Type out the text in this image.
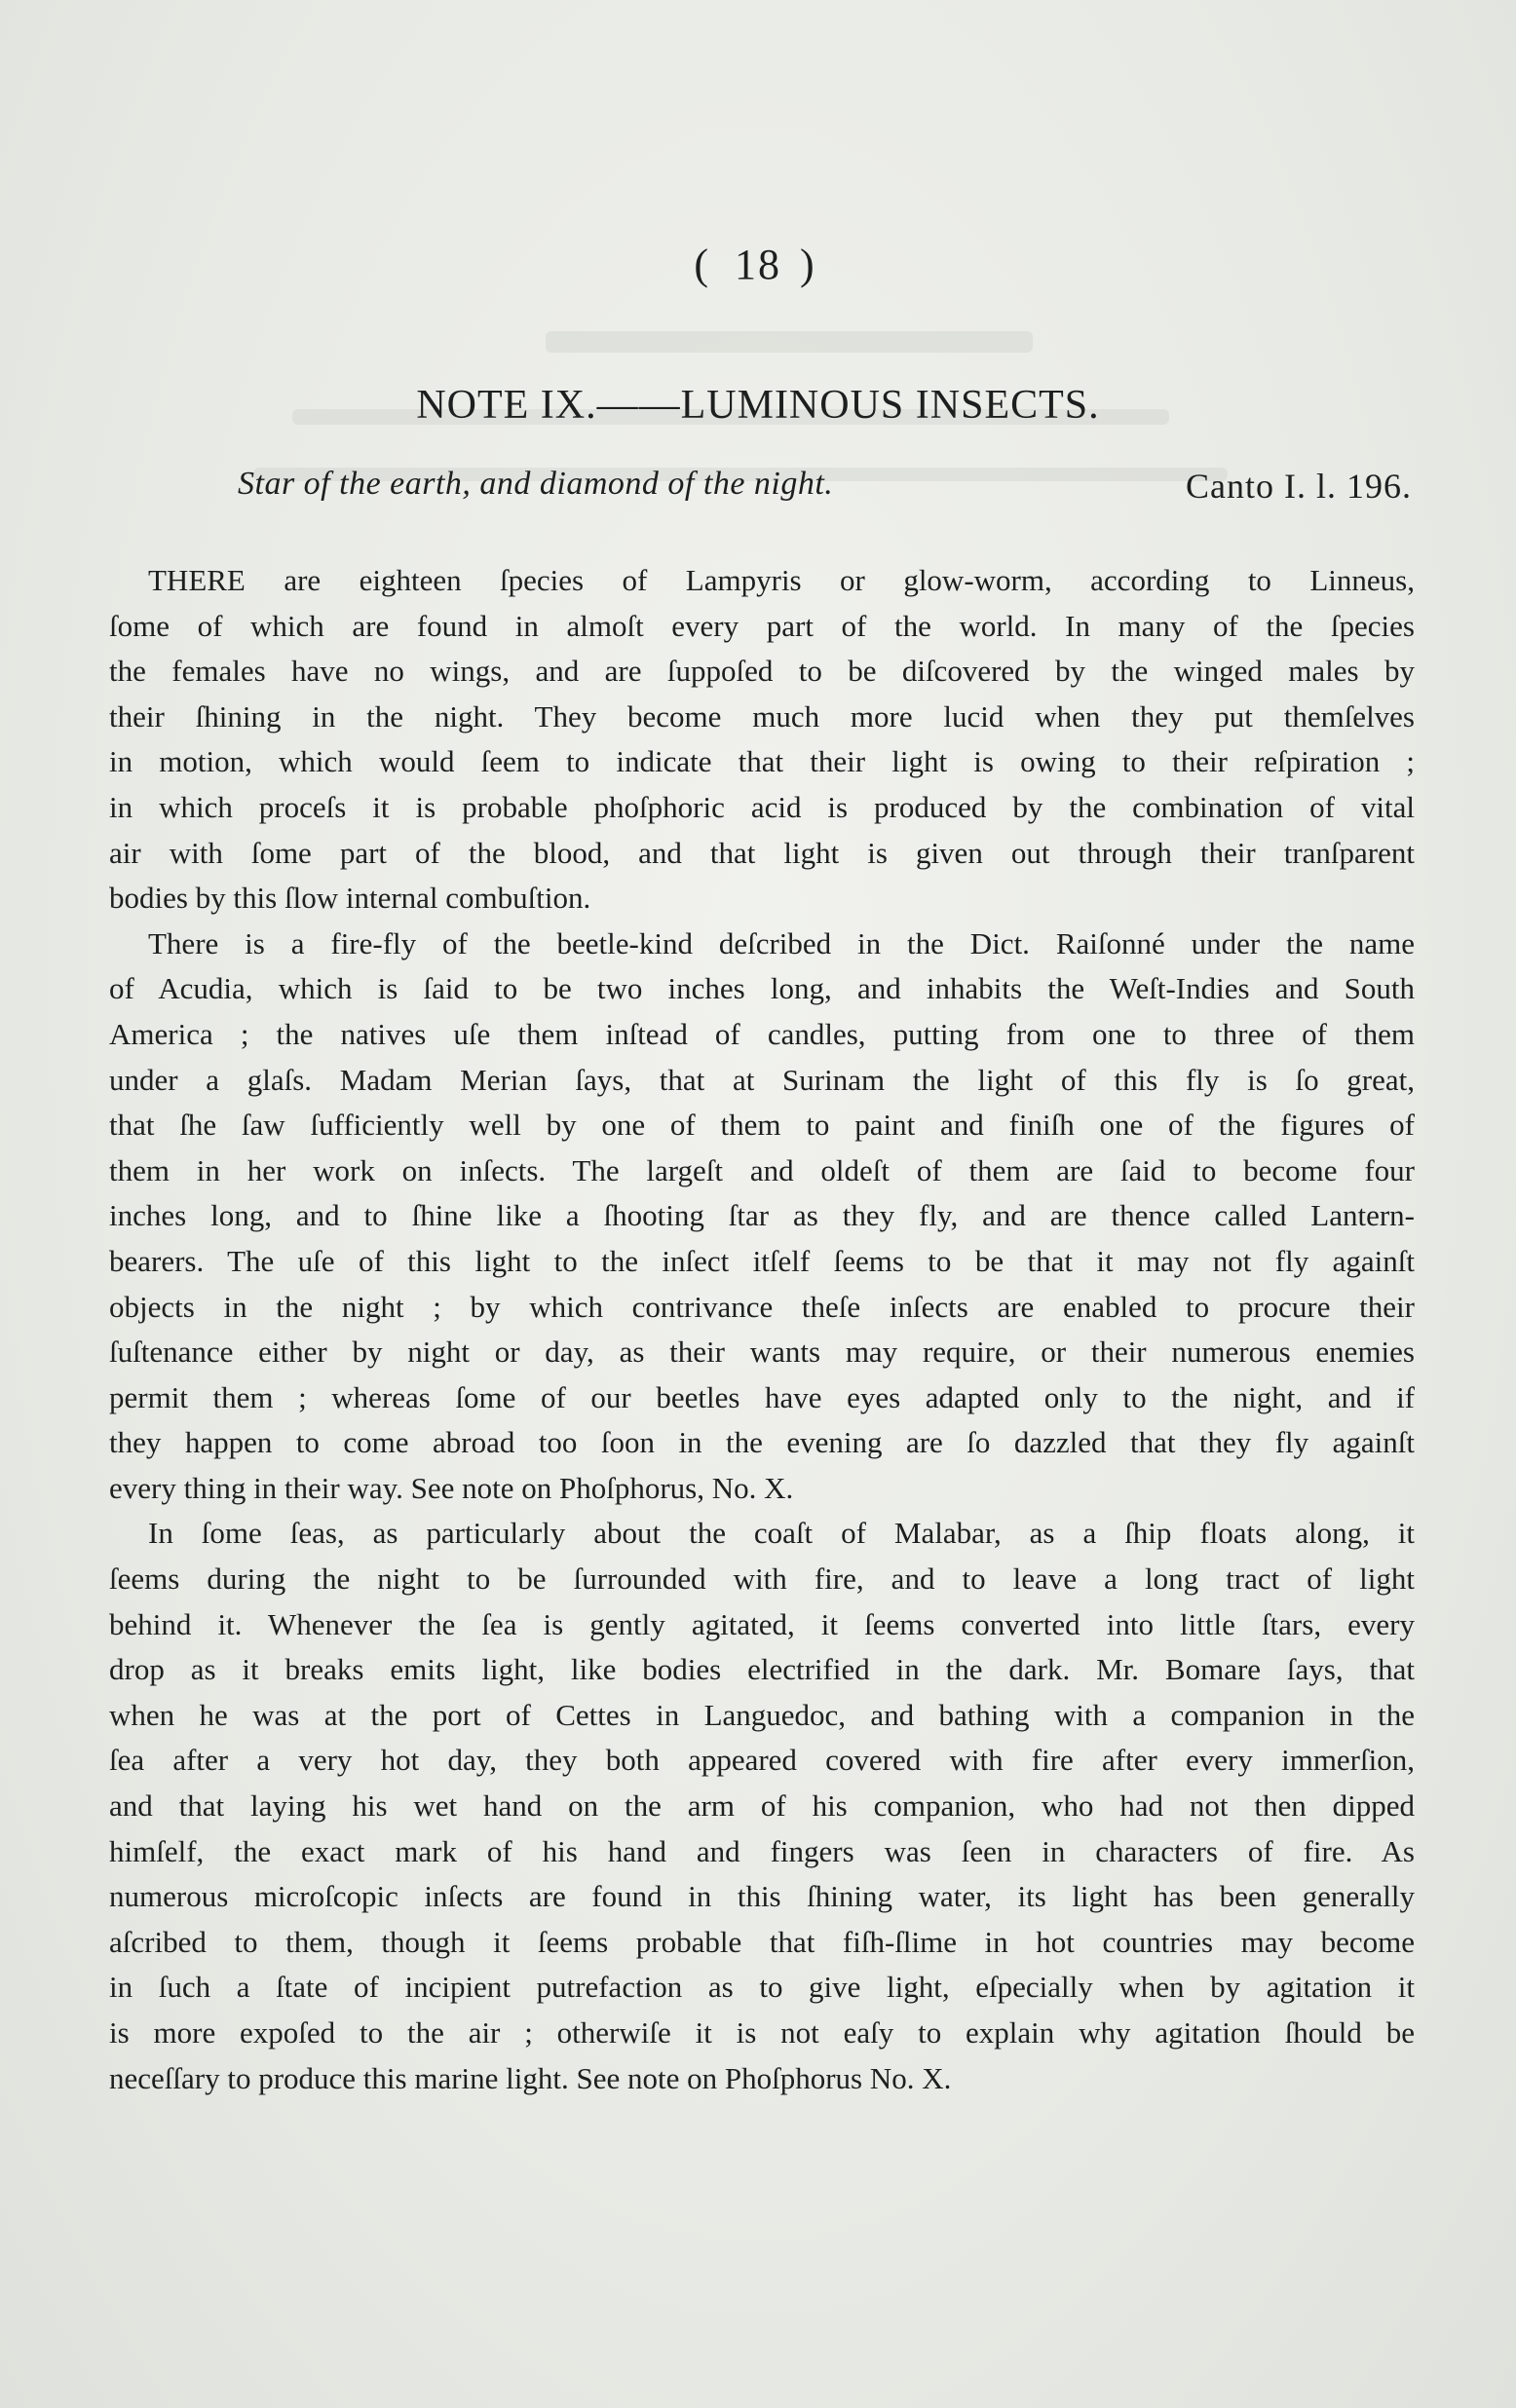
( 18 )
NOTE IX.——LUMINOUS INSECTS.
Star of the earth, and diamond of the night.	Canto I. l. 196.
THERE are eighteen ſpecies of Lampyris or glow-worm, according to Linneus,
ſome of which are found in almoſt every part of the world. In many of the ſpecies
the females have no wings, and are ſuppoſed to be diſcovered by the winged males by
their ſhining in the night. They become much more lucid when they put themſelves
in motion, which would ſeem to indicate that their light is owing to their reſpiration ;
in which proceſs it is probable phoſphoric acid is produced by the combination of vital
air with ſome part of the blood, and that light is given out through their tranſparent
bodies by this ſlow internal combuſtion.
There is a fire-fly of the beetle-kind deſcribed in the Dict. Raiſonné under the name
of Acudia, which is ſaid to be two inches long, and inhabits the Weſt-Indies and South
America ; the natives uſe them inſtead of candles, putting from one to three of them
under a glaſs. Madam Merian ſays, that at Surinam the light of this fly is ſo great,
that ſhe ſaw ſufficiently well by one of them to paint and finiſh one of the figures of
them in her work on inſects. The largeſt and oldeſt of them are ſaid to become four
inches long, and to ſhine like a ſhooting ſtar as they fly, and are thence called Lantern-
bearers. The uſe of this light to the inſect itſelf ſeems to be that it may not fly againſt
objects in the night ; by which contrivance theſe inſects are enabled to procure their
ſuſtenance either by night or day, as their wants may require, or their numerous enemies
permit them ; whereas ſome of our beetles have eyes adapted only to the night, and if
they happen to come abroad too ſoon in the evening are ſo dazzled that they fly againſt
every thing in their way. See note on Phoſphorus, No. X.
In ſome ſeas, as particularly about the coaſt of Malabar, as a ſhip floats along, it
ſeems during the night to be ſurrounded with fire, and to leave a long tract of light
behind it. Whenever the ſea is gently agitated, it ſeems converted into little ſtars, every
drop as it breaks emits light, like bodies electrified in the dark. Mr. Bomare ſays, that
when he was at the port of Cettes in Languedoc, and bathing with a companion in the
ſea after a very hot day, they both appeared covered with fire after every immerſion,
and that laying his wet hand on the arm of his companion, who had not then dipped
himſelf, the exact mark of his hand and fingers was ſeen in characters of fire. As
numerous microſcopic inſects are found in this ſhining water, its light has been generally
aſcribed to them, though it ſeems probable that fiſh-ſlime in hot countries may become
in ſuch a ſtate of incipient putrefaction as to give light, eſpecially when by agitation it
is more expoſed to the air ; otherwiſe it is not eaſy to explain why agitation ſhould be
neceſſary to produce this marine light. See note on Phoſphorus No. X.
